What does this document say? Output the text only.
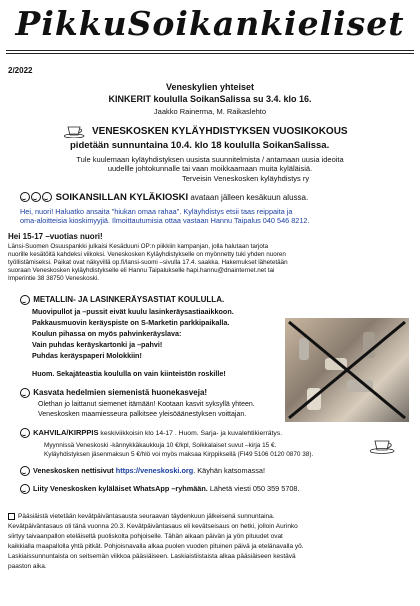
PikkuSoikankieliset
2/2022
Veneskylien yhteiset
KINKERIT koululla SoikanSalissa su 3.4. klo 16.
Jaakko Rainerma, M. Raikaslehto
VENESKOSKEN KYLÄYHDISTYKSEN VUOSIKOKOUS
pidetään sunnuntaina 10.4. klo 18 koululla SoikanSalissa.
Tule kuulemaan kyläyhdistyksen uusista suunnitelmista / antamaan uusia ideoita
uudellle johtokunnalle tai vaan moikkaamaan muita kyläläisiä.
Terveisin Veneskosken kyläyhdistys ry
SOIKANSILLAN KYLÄKIOSKI avataan jälleen kesäkuun alussa.
Hei, nuori! Haluatko ansaita "hiukan omaa rahaa". Kyläyhdistys etsii taas reippaita ja
oma-aloitteisia kioskimyyjiä. Ilmoittautumisia ottaa vastaan Hannu Taipalus 040 546 8212.
Hei 15-17 –vuotias nuori!
Länsi-Suomen Osuuspankki julkaisi Kesäduuni OP:n piikkiin kampanjan, jolla halutaan tarjota
nuorille kesätöitä kahdeksi viikoksi. Veneskosken Kyläyhdistykselle on myönnetty tuki yhden nuoren
työllistämiseksi. Paikat ovat näkyvillä op.fi/lansi-suomi –sivulla 17.4. saakka. Hakemukset lähetetään
suoraan Veneskosken kyläyhdistykselle eli Hannu Taipalukselle hapi.hannu@dnainternet.net tai
Imperintie 38 38750 Veneskoski.
METALLIN- JA LASINKERÄYSASTIAT KOULULLA.
Muovipullot ja –pussit eivät kuulu lasinkeräysastiaaikkoon.
Pakkausmuovin keräyspiste on S-Marketin parkkipaikalla.
Koulun pihassa on myös pahvinkeräyslava:
Vain puhdas keräyskartonki ja –pahvi!
Puhdas keräyspaperi Molokkiin!
Huom. Sekajäteastia koululla on vain kiinteistön roskille!
Kasvata hedelmien siemenistä huonekasveja!
Olethan jo laittanut siemenet itämään! Kootaan kasvit syksyllä yhteen.
Veneskosken maamiesseura palkitsee yleisöäänestyksen voittajan.
KAHVILA/KIRPPIS keskiviikkoisin klo 14-17 . Huom. Sarja- ja kuvalehtikierrätys.
Myynnissä Veneskoski -kännykkäkaukkuja 10 €/kpl, Soikkalaiset suvut –kirja 15 €.
Kyläyhdistyksen jäsenmaksun 5 €/hlö voi myös maksaa Kirppiksellä (FI49 5106 0120 0870 38).
Veneskosken nettisivut https://veneskoski.org. Käyhän katsomassa!
Liity Veneskosken kyläläiset WhatsApp –ryhmään. Lähetä viesti 050 359 5708.
Pääsiäistä vietetään kevätpäiväntasausta seuraavan täydenkuun jälkeisenä sunnuntaina.
Kevätpäiväntasaus oli tänä vuonna 20.3. Kevätpäiväntasaus eli kevätseisaus on hetki, jolloin Aurinko
siirtyy taivaanpallon eteläiseltä puoliskolta pohjoiselle. Tähän aikaan päivän ja yön pituudet ovat
kaikkialla maapallolla yhtä pitkät. Pohjoisnavalla alkaa puolen vuoden pituinen päivä ja etelänavalla yö.
Laskiaissunnuntaista on seitsemän viikkoa pääsiäiseen. Laskiaistiistaista alkaa pääsiäiseen kestävä
paaston aika.
